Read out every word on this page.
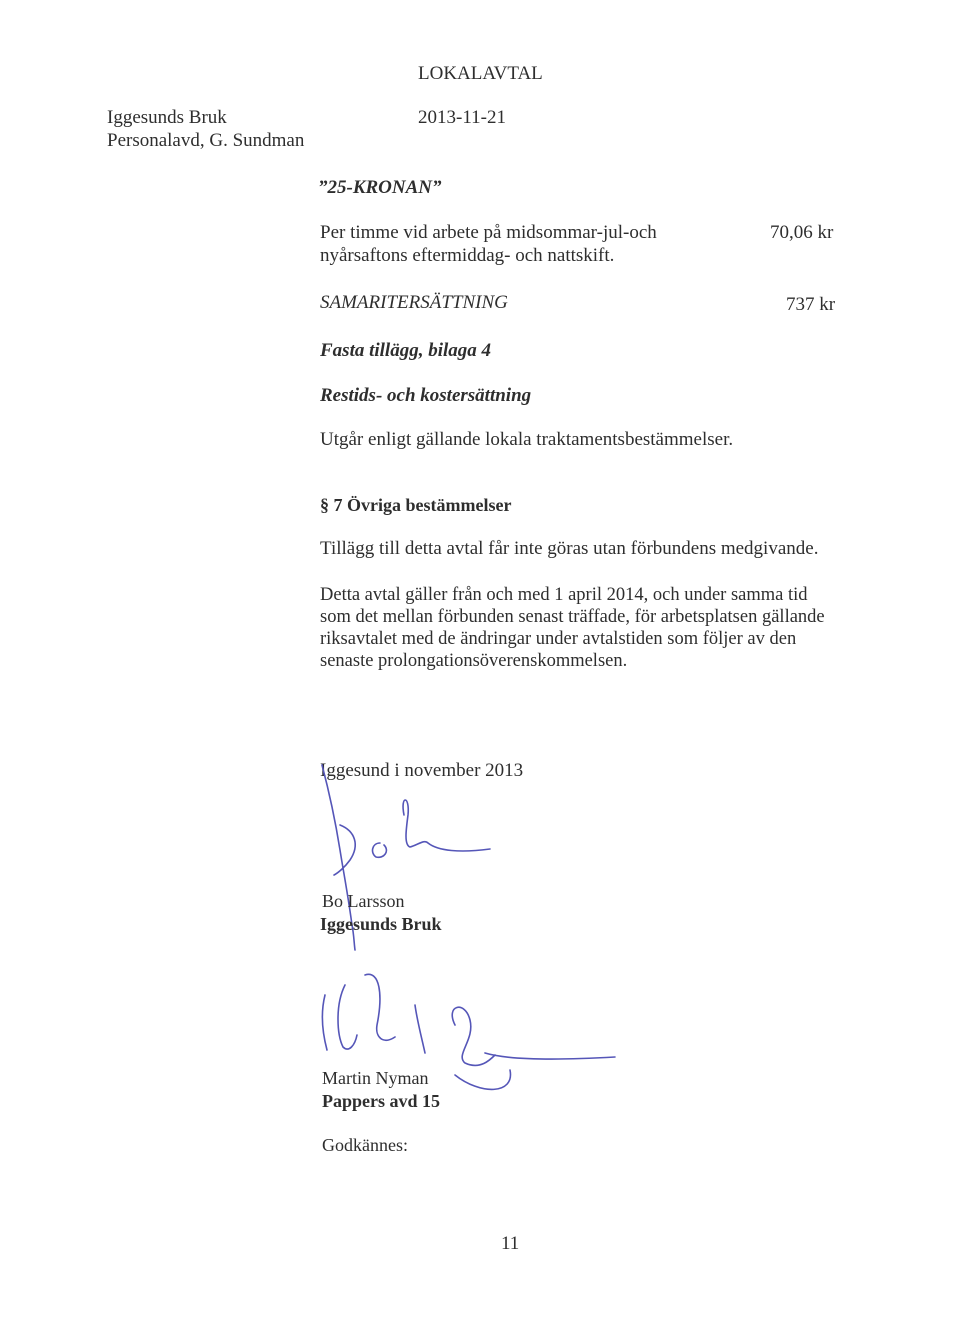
LOKALAVTAL
Iggesunds Bruk	2013-11-21
Personalavd, G. Sundman
”25-KRONAN”
Per timme vid arbete på midsommar-jul-och	70,06 kr
nyårsaftons eftermiddag- och nattskift.
SAMARITERSÄTTNING	737 kr
Fasta tillägg, bilaga 4
Restids- och kostersättning
Utgår enligt gällande lokala traktamentsbestämmelser.
§ 7 Övriga bestämmelser
Tillägg till detta avtal får inte göras utan förbundens medgivande.
Detta avtal gäller från och med 1 april 2014, och under samma tid
som det mellan förbunden senast träffade, för arbetsplatsen gällande
riksavtalet med de ändringar under avtalstiden som följer av den
senaste prolongationsöverenskommelsen.
Iggesund i november 2013
Bo Larsson
Iggesunds Bruk
Martin Nyman
Pappers avd 15
Godkännes:
11
